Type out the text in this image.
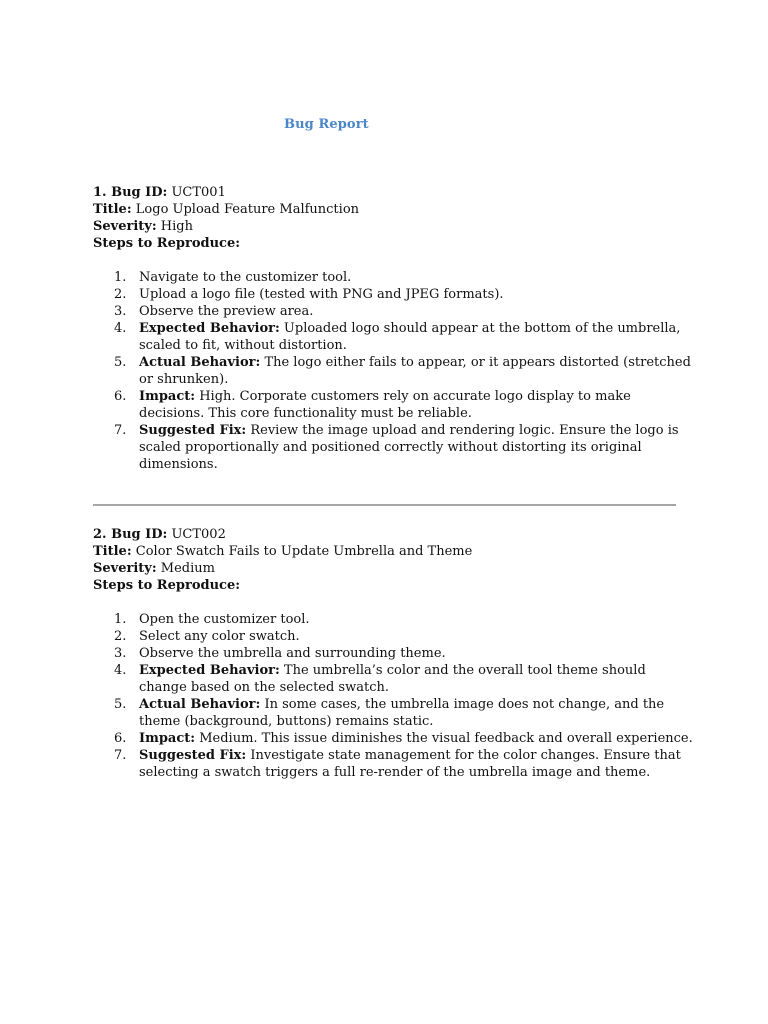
Bug Report

1. Bug ID: UCT001

Title: Logo Upload Feature Malfunction

Severity: High

Steps to Reproduce:

1. Navigate to the customizer tool.
2. Upload a logo file (tested with PNG and JPEG formats).
3. Observe the preview area.
4. Expected Behavior: Uploaded logo should appear at the bottom of the umbrella, scaled to fit, without distortion.
5. Actual Behavior: The logo either fails to appear, or it appears distorted (stretched or shrunken).
6. Impact: High. Corporate customers rely on accurate logo display to make decisions. This core functionality must be reliable.
7. Suggested Fix: Review the image upload and rendering logic. Ensure the logo is scaled proportionally and positioned correctly without distorting its original dimensions.

2. Bug ID: UCT002

Title: Color Swatch Fails to Update Umbrella and Theme

Severity: Medium

Steps to Reproduce:

1. Open the customizer tool.
2. Select any color swatch.
3. Observe the umbrella and surrounding theme.
4. Expected Behavior: The umbrella’s color and the overall tool theme should change based on the selected swatch.
5. Actual Behavior: In some cases, the umbrella image does not change, and the theme (background, buttons) remains static.
6. Impact: Medium. This issue diminishes the visual feedback and overall experience.
7. Suggested Fix: Investigate state management for the color changes. Ensure that selecting a swatch triggers a full re-render of the umbrella image and theme.
